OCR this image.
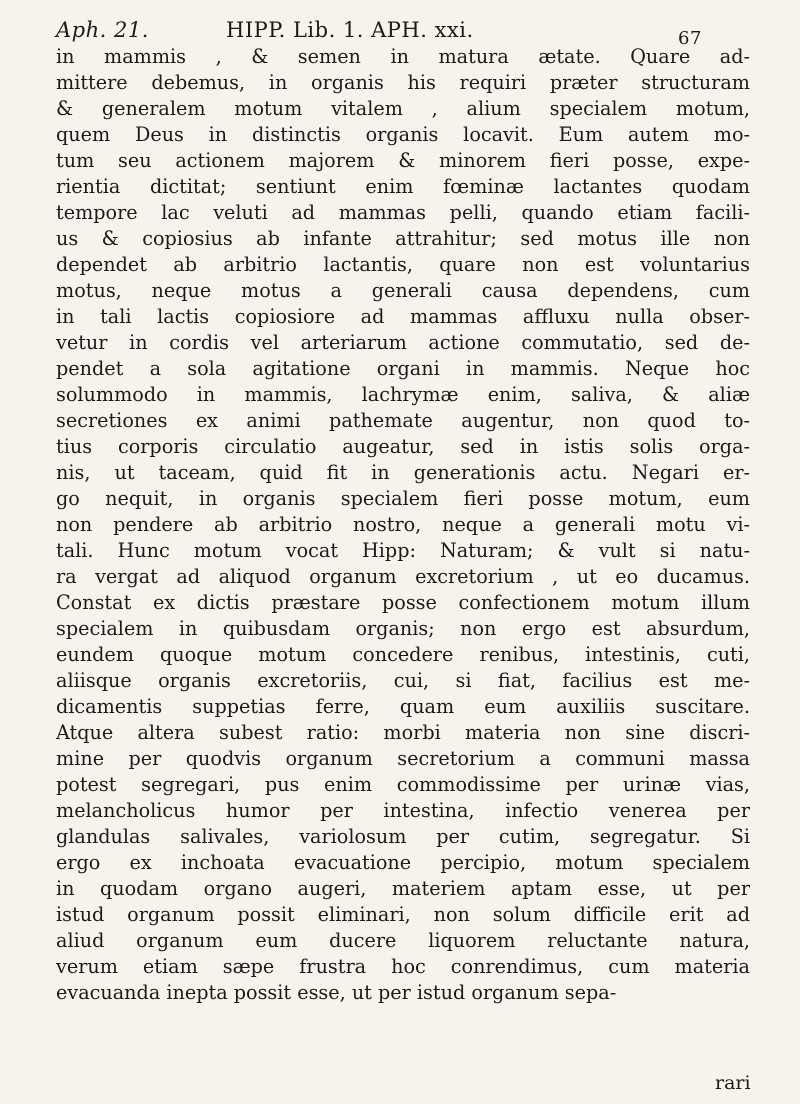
Aph. 21.	HIPP. Lib. 1. APH. xxi.	67
in mammis , & semen in matura ætate. Quare ad-
mittere debemus, in organis his requiri præter structuram
& generalem motum vitalem , alium specialem motum,
quem Deus in distinctis organis locavit. Eum autem mo-
tum seu actionem majorem & minorem fieri posse, expe-
rientia dictitat; sentiunt enim fœminæ lactantes quodam
tempore lac veluti ad mammas pelli, quando etiam facili-
us & copiosius ab infante attrahitur; sed motus ille non
dependet ab arbitrio lactantis, quare non est voluntarius
motus, neque motus a generali causa dependens, cum
in tali lactis copiosiore ad mammas affluxu nulla obser-
vetur in cordis vel arteriarum actione commutatio, sed de-
pendet a sola agitatione organi in mammis. Neque hoc
solummodo in mammis, lachrymæ enim, saliva, & aliæ
secretiones ex animi pathemate augentur, non quod to-
tius corporis circulatio augeatur, sed in istis solis orga-
nis, ut taceam, quid fit in generationis actu. Negari er-
go nequit, in organis specialem fieri posse motum, eum
non pendere ab arbitrio nostro, neque a generali motu vi-
tali. Hunc motum vocat Hipp: Naturam; & vult si natu-
ra vergat ad aliquod organum excretorium , ut eo ducamus.
Constat ex dictis præstare posse confectionem motum illum
specialem in quibusdam organis; non ergo est absurdum,
eundem quoque motum concedere renibus, intestinis, cuti,
aliisque organis excretoriis, cui, si fiat, facilius est me-
dicamentis suppetias ferre, quam eum auxiliis suscitare.
Atque altera subest ratio: morbi materia non sine discri-
mine per quodvis organum secretorium a communi massa
potest segregari, pus enim commodissime per urinæ vias,
melancholicus humor per intestina, infectio venerea per
glandulas salivales, variolosum per cutim, segregatur. Si
ergo ex inchoata evacuatione percipio, motum specialem
in quodam organo augeri, materiem aptam esse, ut per
istud organum possit eliminari, non solum difficile erit ad
aliud organum eum ducere liquorem reluctante natura,
verum etiam sæpe frustra hoc conrendimus, cum materia
evacuanda inepta possit esse, ut per istud organum sepa-
rari
